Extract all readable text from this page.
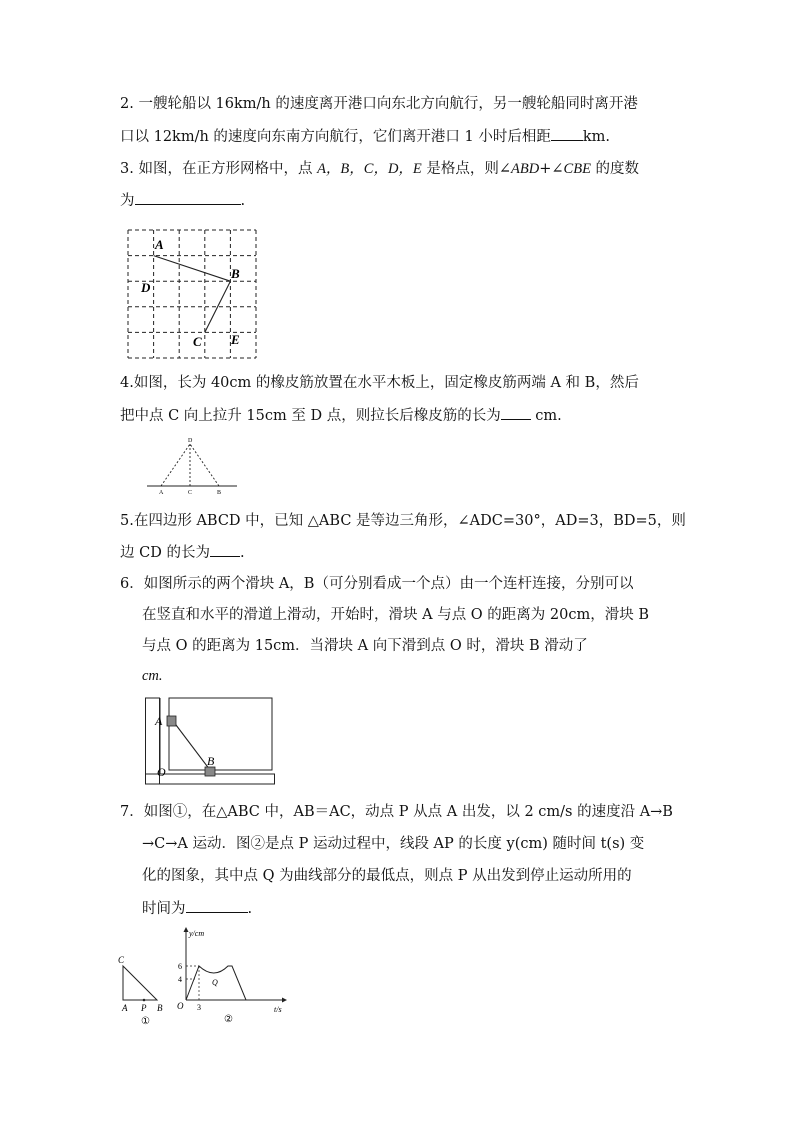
2. 一艘轮船以 16km/h 的速度离开港口向东北方向航行，另一艘轮船同时离开港
口以 12km/h 的速度向东南方向航行，它们离开港口 1 小时后相距 km.
3. 如图，在正方形网格中，点 A，B，C，D，E 是格点，则∠ABD+∠CBE 的度数
为	.
A
B
D
C E
4.如图，长为 40cm 的橡皮筋放置在水平木板上，固定橡皮筋两端 A 和 B，然后
把中点 C 向上拉升 15cm 至 D 点，则拉长后橡皮筋的长为 cm.
D
A	C	B
5.在四边形 ABCD 中，已知 △ABC 是等边三角形，∠ADC=30°，AD=3，BD=5，则
边 CD 的长为 .
6．如图所示的两个滑块 A，B（可分别看成一个点）由一个连杆连接，分别可以
在竖直和水平的滑道上滑动，开始时，滑块 A 与点 O 的距离为 20cm，滑块 B
与点 O 的距离为 15cm．当滑块 A 向下滑到点 O 时，滑块 B 滑动了
cm.
A
B
O
7．如图①，在△ABC 中，AB＝AC，动点 P 从点 A 出发，以 2 cm/s 的速度沿 A→B
→C→A 运动．图②是点 P 运动过程中，线段 AP 的长度 y(cm) 随时间 t(s) 变
化的图象，其中点 Q 为曲线部分的最低点，则点 P 从出发到停止运动所用的
时间为	.
C
A P B
①
y/cm
t/s
O
6
4
3
Q
②
